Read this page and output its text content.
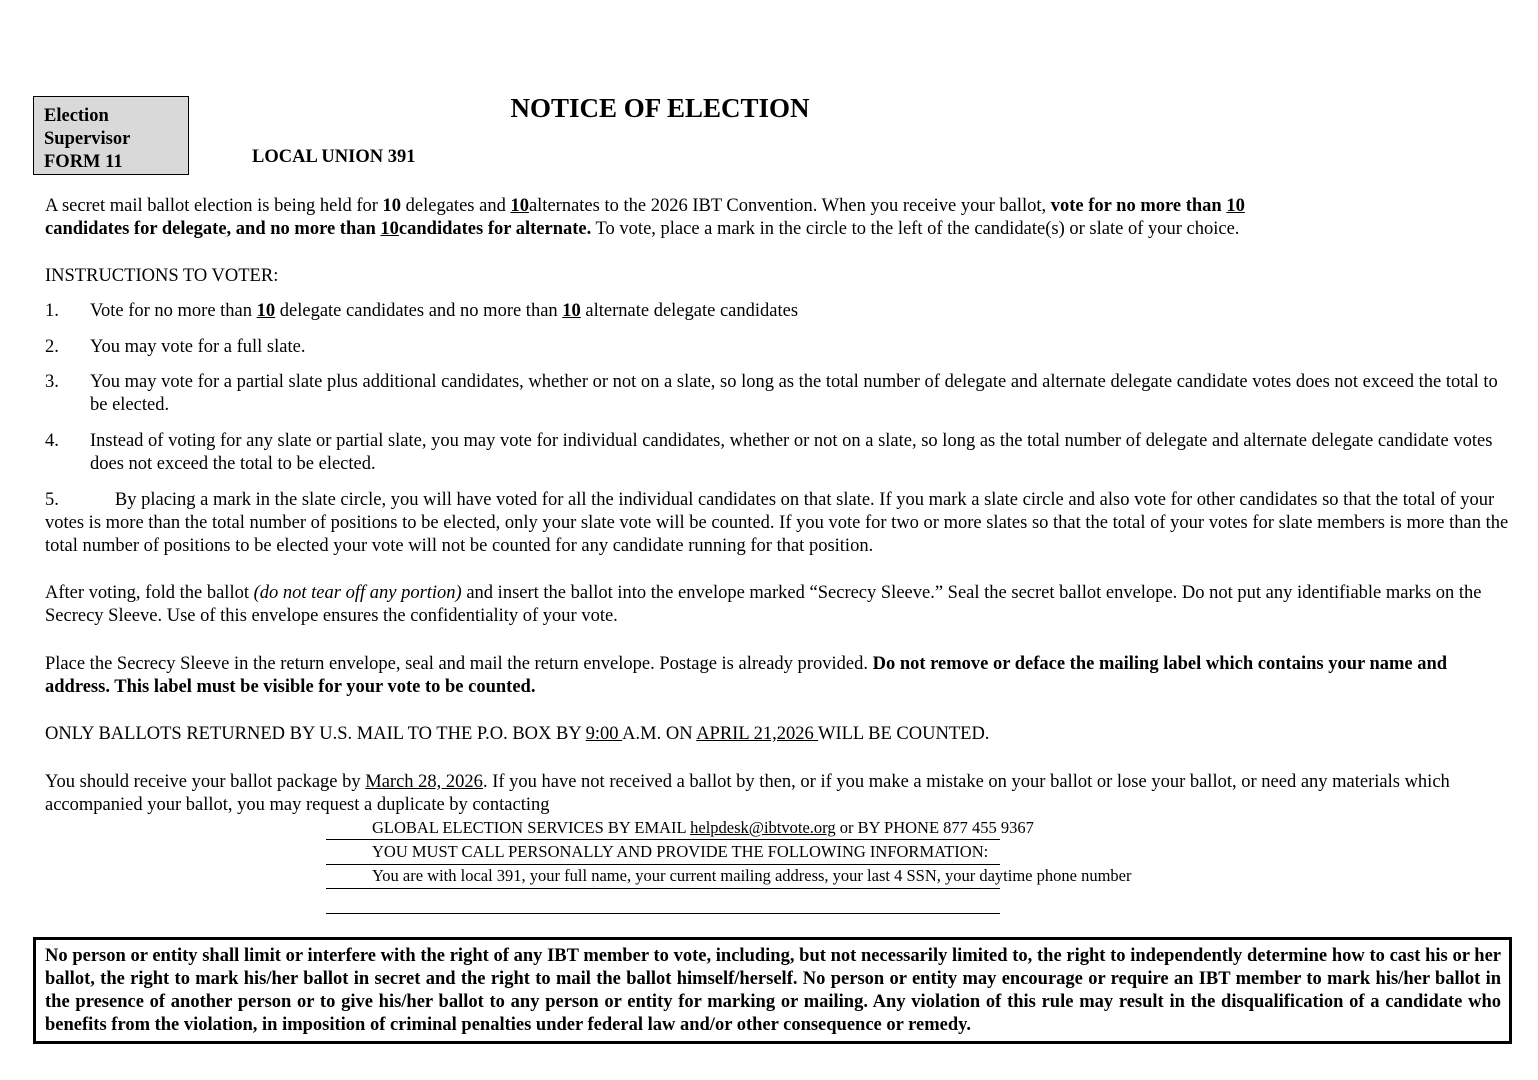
Election
Supervisor
FORM 11
NOTICE OF ELECTION
LOCAL UNION 391
A secret mail ballot election is being held for 10 delegates and 10alternates to the 2026 IBT Convention. When you receive your ballot, vote for no more than 10
candidates for delegate, and no more than 10candidates for alternate. To vote, place a mark in the circle to the left of the candidate(s) or slate of your choice.
INSTRUCTIONS TO VOTER:
1. Vote for no more than 10 delegate candidates and no more than 10 alternate delegate candidates
2. You may vote for a full slate.
3. You may vote for a partial slate plus additional candidates, whether or not on a slate, so long as the total number of delegate and alternate delegate candidate votes does not exceed the total to be elected.
4. Instead of voting for any slate or partial slate, you may vote for individual candidates, whether or not on a slate, so long as the total number of delegate and alternate delegate candidate votes does not exceed the total to be elected.
5.	By placing a mark in the slate circle, you will have voted for all the individual candidates on that slate. If you mark a slate circle and also vote for other candidates so that the total of your votes is more than the total number of positions to be elected, only your slate vote will be counted. If you vote for two or more slates so that the total of your votes for slate members is more than the total number of positions to be elected your vote will not be counted for any candidate running for that position.
After voting, fold the ballot (do not tear off any portion) and insert the ballot into the envelope marked “Secrecy Sleeve.” Seal the secret ballot envelope. Do not put any identifiable marks on the Secrecy Sleeve. Use of this envelope ensures the confidentiality of your vote.
Place the Secrecy Sleeve in the return envelope, seal and mail the return envelope. Postage is already provided. Do not remove or deface the mailing label which contains your name and address. This label must be visible for your vote to be counted.
ONLY BALLOTS RETURNED BY U.S. MAIL TO THE P.O. BOX BY 9:00 A.M. ON APRIL 21,2026 WILL BE COUNTED.
You should receive your ballot package by March 28, 2026. If you have not received a ballot by then, or if you make a mistake on your ballot or lose your ballot, or need any materials which accompanied your ballot, you may request a duplicate by contacting
GLOBAL ELECTION SERVICES BY EMAIL helpdesk@ibtvote.org or BY PHONE 877 455 9367
YOU MUST CALL PERSONALLY AND PROVIDE THE FOLLOWING INFORMATION:
You are with local 391, your full name, your current mailing address, your last 4 SSN, your daytime phone number
No person or entity shall limit or interfere with the right of any IBT member to vote, including, but not necessarily limited to, the right to independently determine how to cast his or her ballot, the right to mark his/her ballot in secret and the right to mail the ballot himself/herself. No person or entity may encourage or require an IBT member to mark his/her ballot in the presence of another person or to give his/her ballot to any person or entity for marking or mailing. Any violation of this rule may result in the disqualification of a candidate who benefits from the violation, in imposition of criminal penalties under federal law and/or other consequence or remedy.
